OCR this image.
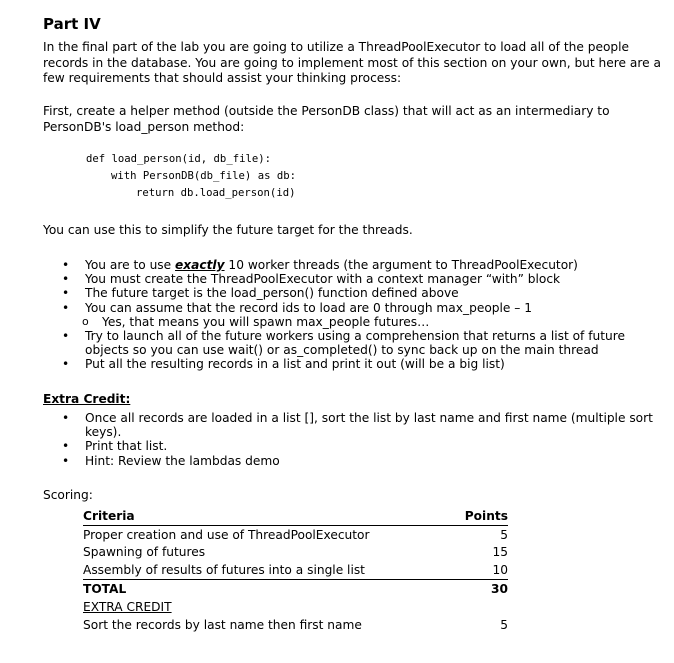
Part IV
In the final part of the lab you are going to utilize a ThreadPoolExecutor to load all of the people records in the database. You are going to implement most of this section on your own, but here are a few requirements that should assist your thinking process:
First, create a helper method (outside the PersonDB class) that will act as an intermediary to PersonDB's load_person method:
def load_person(id, db_file):
with PersonDB(db_file) as db:
return db.load_person(id)
You can use this to simplify the future target for the threads.
• You are to use exactly 10 worker threads (the argument to ThreadPoolExecutor)
• You must create the ThreadPoolExecutor with a context manager “with” block
• The future target is the load_person() function defined above
• You can assume that the record ids to load are 0 through max_people – 1
o Yes, that means you will spawn max_people futures…
• Try to launch all of the future workers using a comprehension that returns a list of future objects so you can use wait() or as_completed() to sync back up on the main thread
• Put all the resulting records in a list and print it out (will be a big list)
Extra Credit:
• Once all records are loaded in a list [], sort the list by last name and first name (multiple sort keys).
• Print that list.
• Hint: Review the lambdas demo
Scoring:
Criteria	Points
Proper creation and use of ThreadPoolExecutor	5
Spawning of futures	15
Assembly of results of futures into a single list	10
TOTAL	30
EXTRA CREDIT	
Sort the records by last name then first name	5
